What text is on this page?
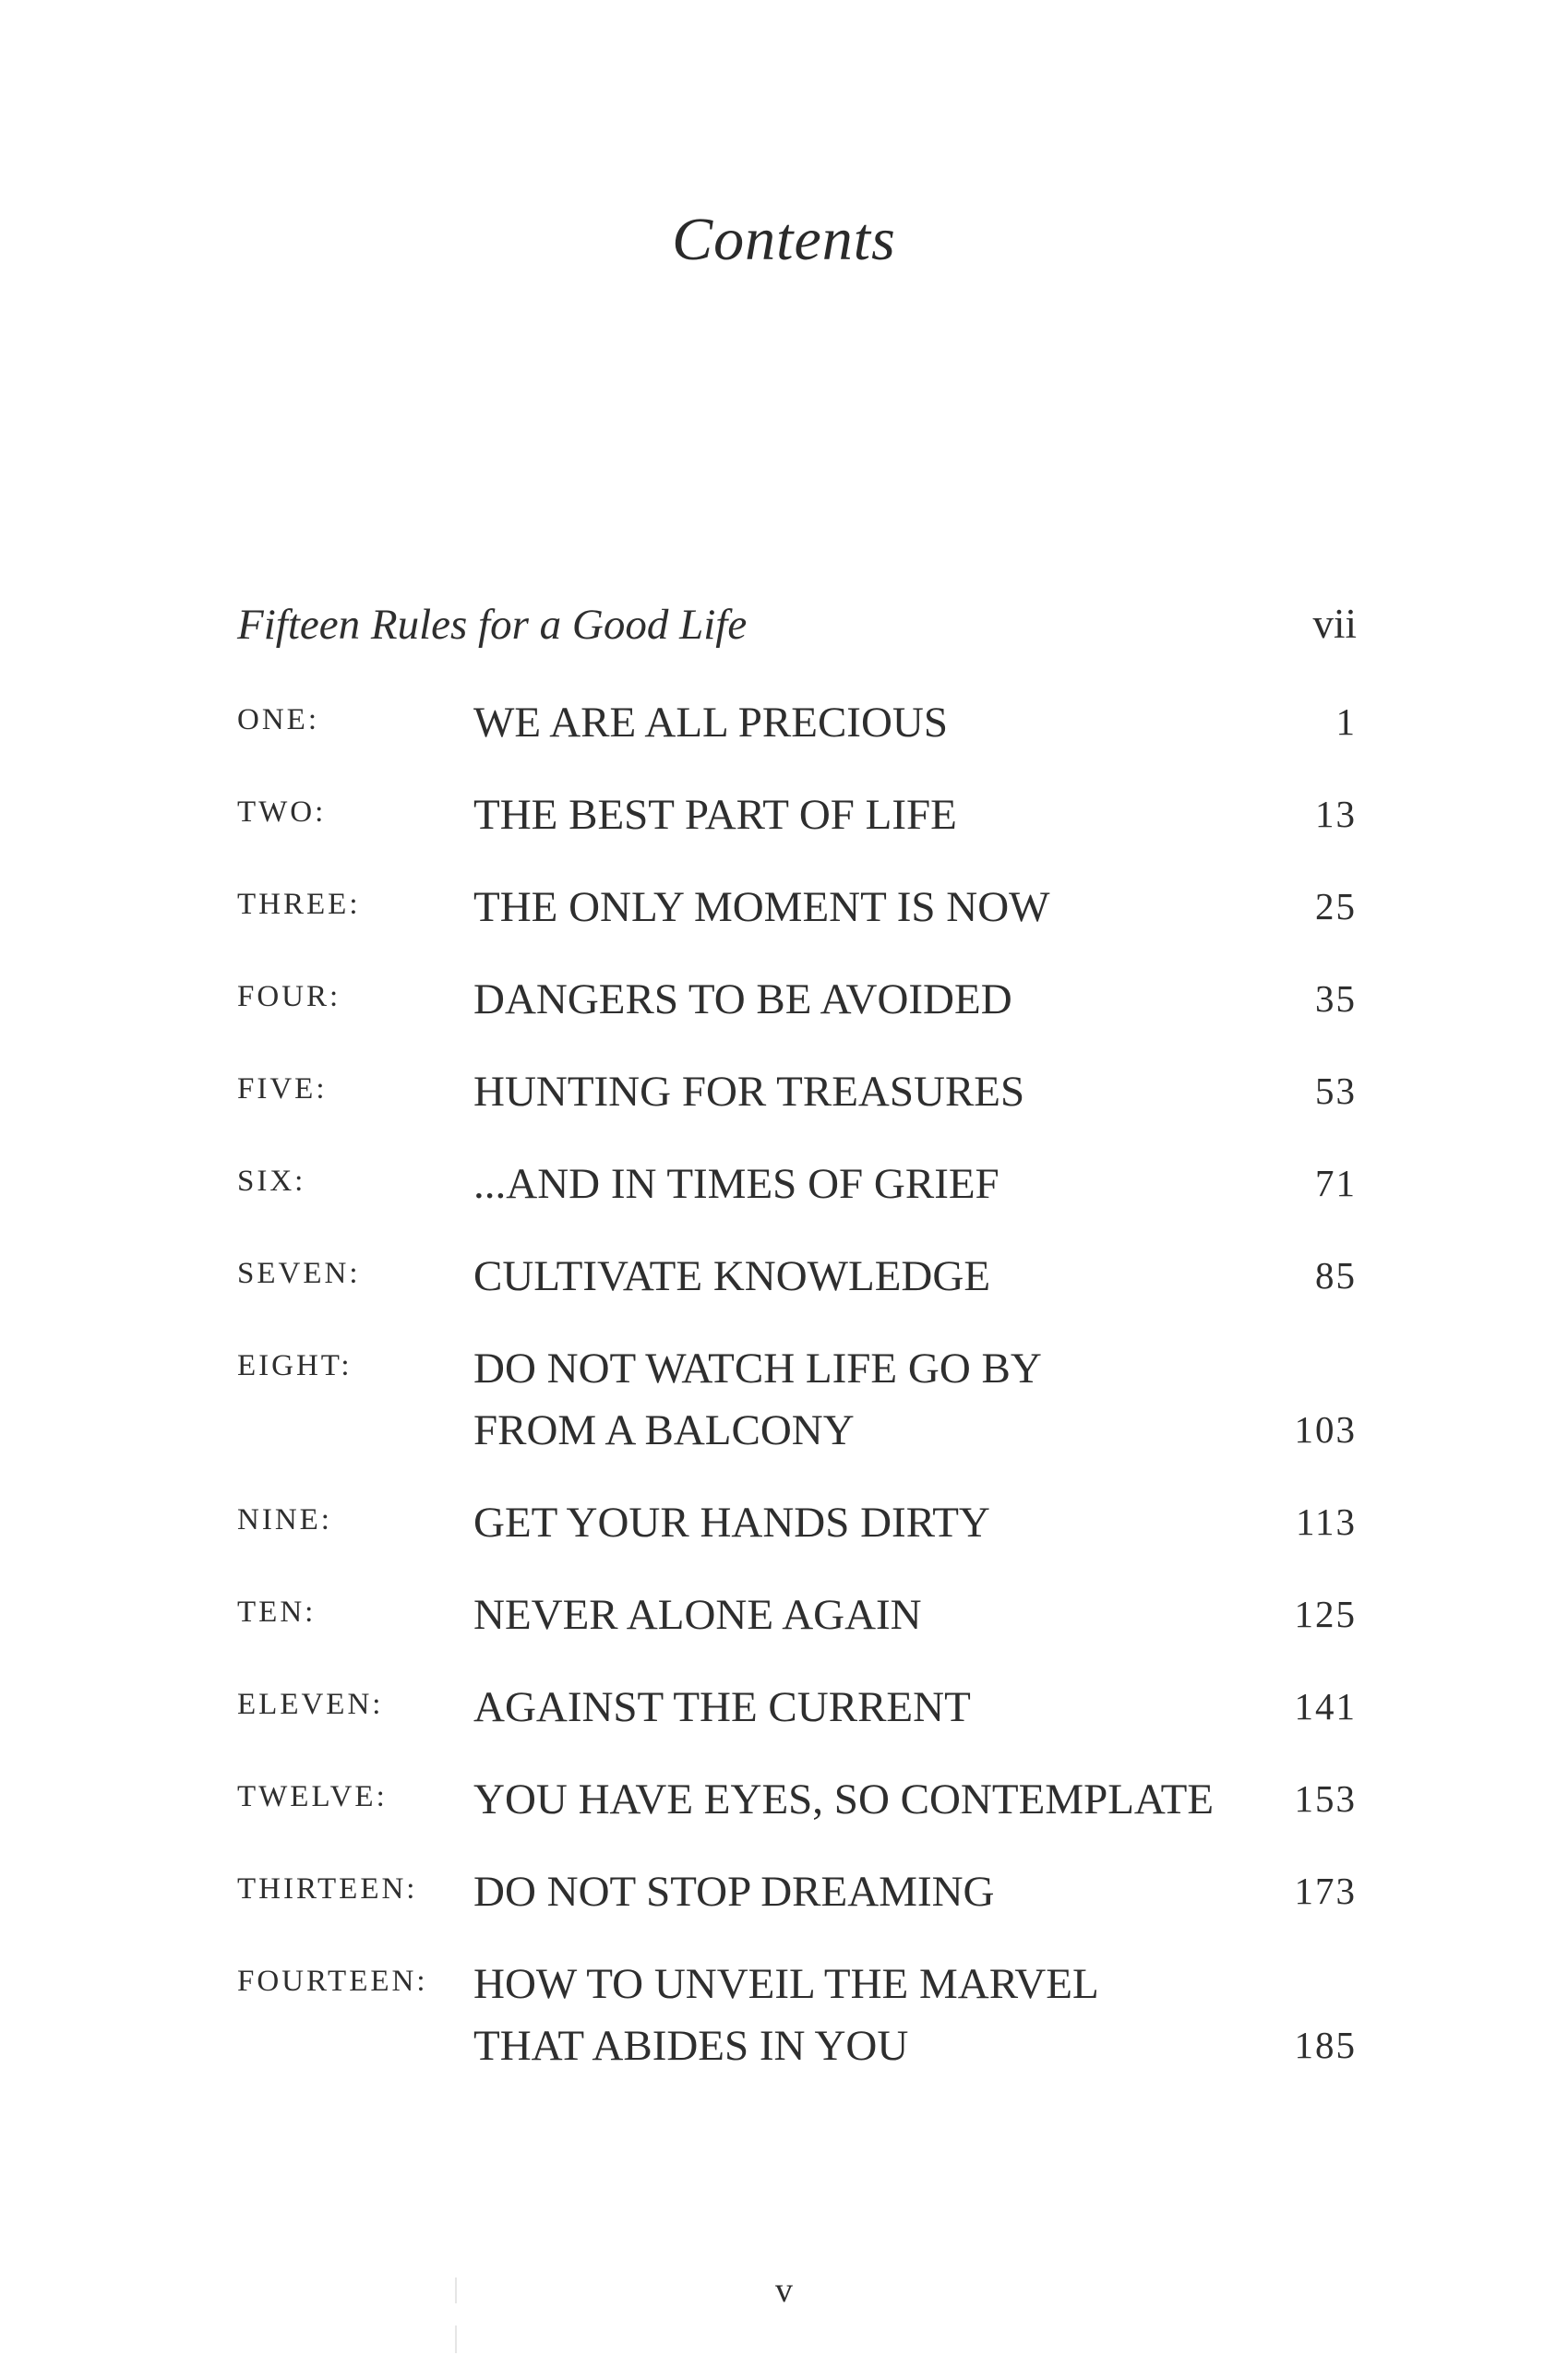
Contents
Fifteen Rules for a Good Life	vii
ONE:	WE ARE ALL PRECIOUS	1
TWO:	THE BEST PART OF LIFE	13
THREE:	THE ONLY MOMENT IS NOW	25
FOUR:	DANGERS TO BE AVOIDED	35
FIVE:	HUNTING FOR TREASURES	53
SIX:	...AND IN TIMES OF GRIEF	71
SEVEN:	CULTIVATE KNOWLEDGE	85
EIGHT:	DO NOT WATCH LIFE GO BY
FROM A BALCONY	103
NINE:	GET YOUR HANDS DIRTY	113
TEN:	NEVER ALONE AGAIN	125
ELEVEN: AGAINST THE CURRENT	141
TWELVE: YOU HAVE EYES, SO CONTEMPLATE	153
THIRTEEN: DO NOT STOP DREAMING	173
FOURTEEN: HOW TO UNVEIL THE MARVEL
THAT ABIDES IN YOU	185
v
